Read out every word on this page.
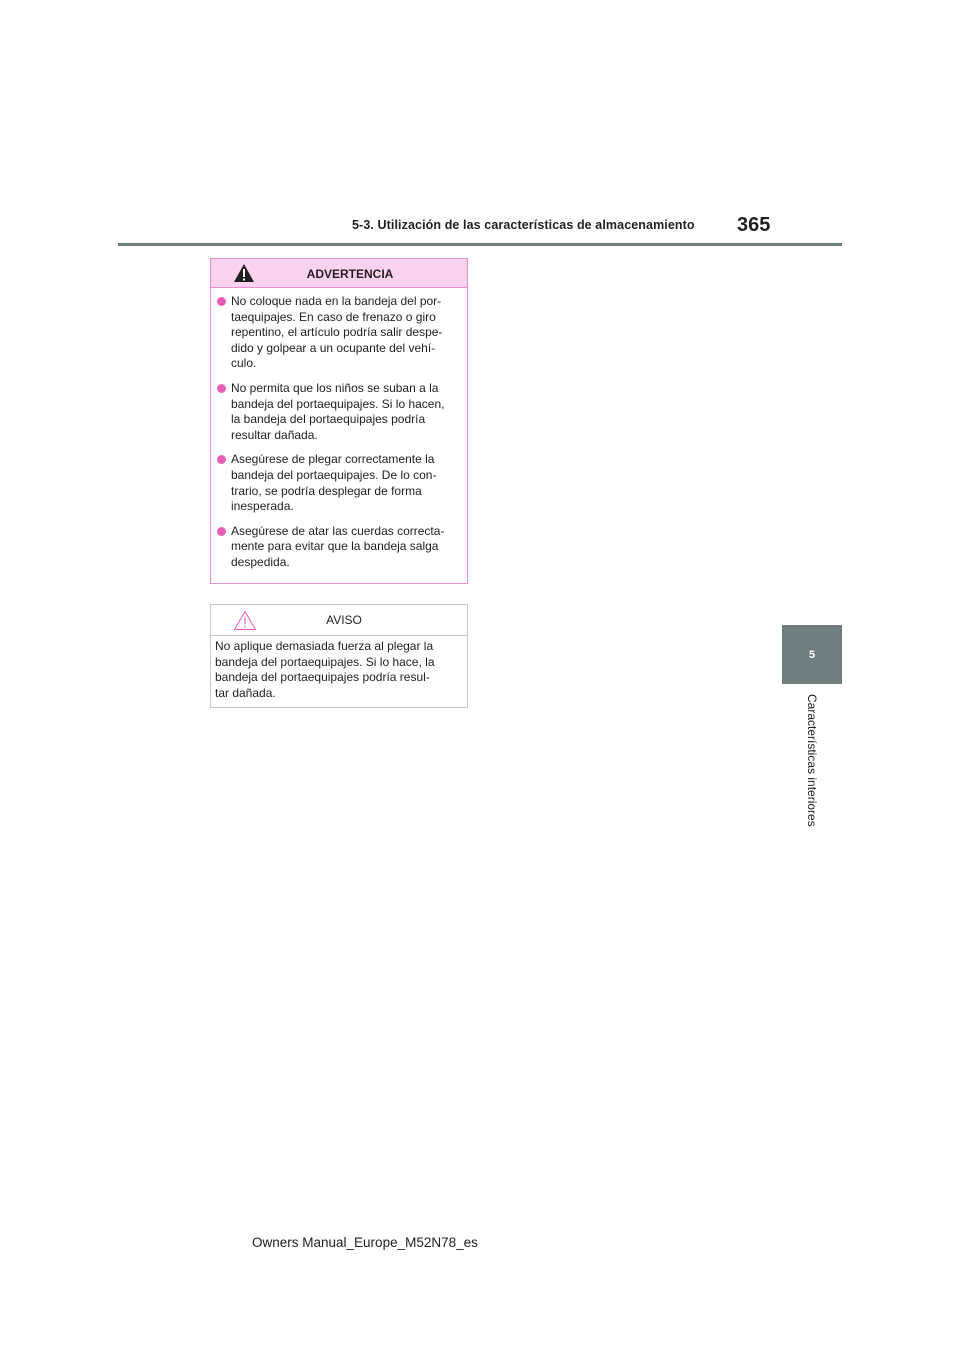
5-3. Utilización de las características de almacenamiento 365
5
Características interiores
ADVERTENCIA
No coloque nada en la bandeja del por-
taequipajes. En caso de frenazo o giro
repentino, el artículo podría salir despe-
dido y golpear a un ocupante del vehí-
culo.
No permita que los niños se suban a la
bandeja del portaequipajes. Si lo hacen,
la bandeja del portaequipajes podría
resultar dañada.
Asegúrese de plegar correctamente la
bandeja del portaequipajes. De lo con-
trario, se podría desplegar de forma
inesperada.
Asegúrese de atar las cuerdas correcta-
mente para evitar que la bandeja salga
despedida.
AVISO
No aplique demasiada fuerza al plegar la
bandeja del portaequipajes. Si lo hace, la
bandeja del portaequipajes podría resul-
tar dañada.
Owners Manual_Europe_M52N78_es
